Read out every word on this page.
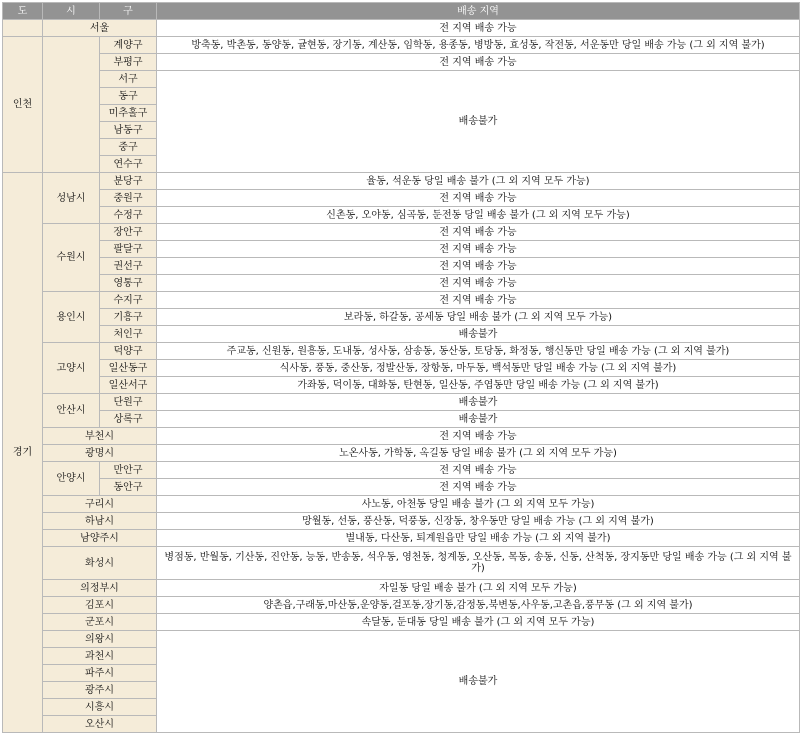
도	시	구	배송 지역
	서울		전 지역 배송 가능
인천		계양구	방축동, 박촌동, 동양동, 귤현동, 장기동, 계산동, 임학동, 용종동, 병방동, 효성동, 작전동, 서운동만 당일 배송 가능 (그 외 지역 불가)
		부평구	전 지역 배송 가능
		서구	배송불가
		동구	
		미추홀구	
		남동구	
		중구	
		연수구	
경기	성남시	분당구	율동, 석운동 당일 배송 불가 (그 외 지역 모두 가능)
		중원구	전 지역 배송 가능
		수정구	신촌동, 오야동, 심곡동, 둔전동 당일 배송 불가 (그 외 지역 모두 가능)
	수원시	장안구	전 지역 배송 가능
		팔달구	전 지역 배송 가능
		권선구	전 지역 배송 가능
		영통구	전 지역 배송 가능
	용인시	수지구	전 지역 배송 가능
		기흥구	보라동, 하갈동, 공세동 당일 배송 불가 (그 외 지역 모두 가능)
		처인구	배송불가
	고양시	덕양구	주교동, 신원동, 원흥동, 도내동, 성사동, 삼송동, 동산동, 토당동, 화정동, 행신동만 당일 배송 가능 (그 외 지역 불가)
		일산동구	식사동, 풍동, 중산동, 정발산동, 장항동, 마두동, 백석동만 당일 배송 가능 (그 외 지역 불가)
		일산서구	가좌동, 덕이동, 대화동, 탄현동, 일산동, 주엽동만 당일 배송 가능 (그 외 지역 불가)
	안산시	단원구	배송불가
		상록구	배송불가
	부천시		전 지역 배송 가능
	광명시		노온사동, 가학동, 옥길동 당일 배송 불가 (그 외 지역 모두 가능)
	안양시	만안구	전 지역 배송 가능
		동안구	전 지역 배송 가능
	구리시		사노동, 아천동 당일 배송 불가 (그 외 지역 모두 가능)
	하남시		망월동, 선동, 풍산동, 덕풍동, 신장동, 창우동만 당일 배송 가능 (그 외 지역 불가)
	남양주시		별내동, 다산동, 퇴계원읍만 당일 배송 가능 (그 외 지역 불가)
	화성시		병점동, 반월동, 기산동, 진안동, 능동, 반송동, 석우동, 영천동, 청계동, 오산동, 목동, 송동, 신동, 산척동, 장지동만 당일 배송 가능 (그 외 지역 불가)
	의정부시		자일동 당일 배송 불가 (그 외 지역 모두 가능)
	김포시		양촌읍,구래동,마산동,운양동,걸포동,장기동,감정동,북변동,사우동,고촌읍,풍무동 (그 외 지역 불가)
	군포시		속달동, 둔대동 당일 배송 불가 (그 외 지역 모두 가능)
	의왕시		배송불가
	과천시		
	파주시		
	광주시		
	시흥시		
	오산시		
